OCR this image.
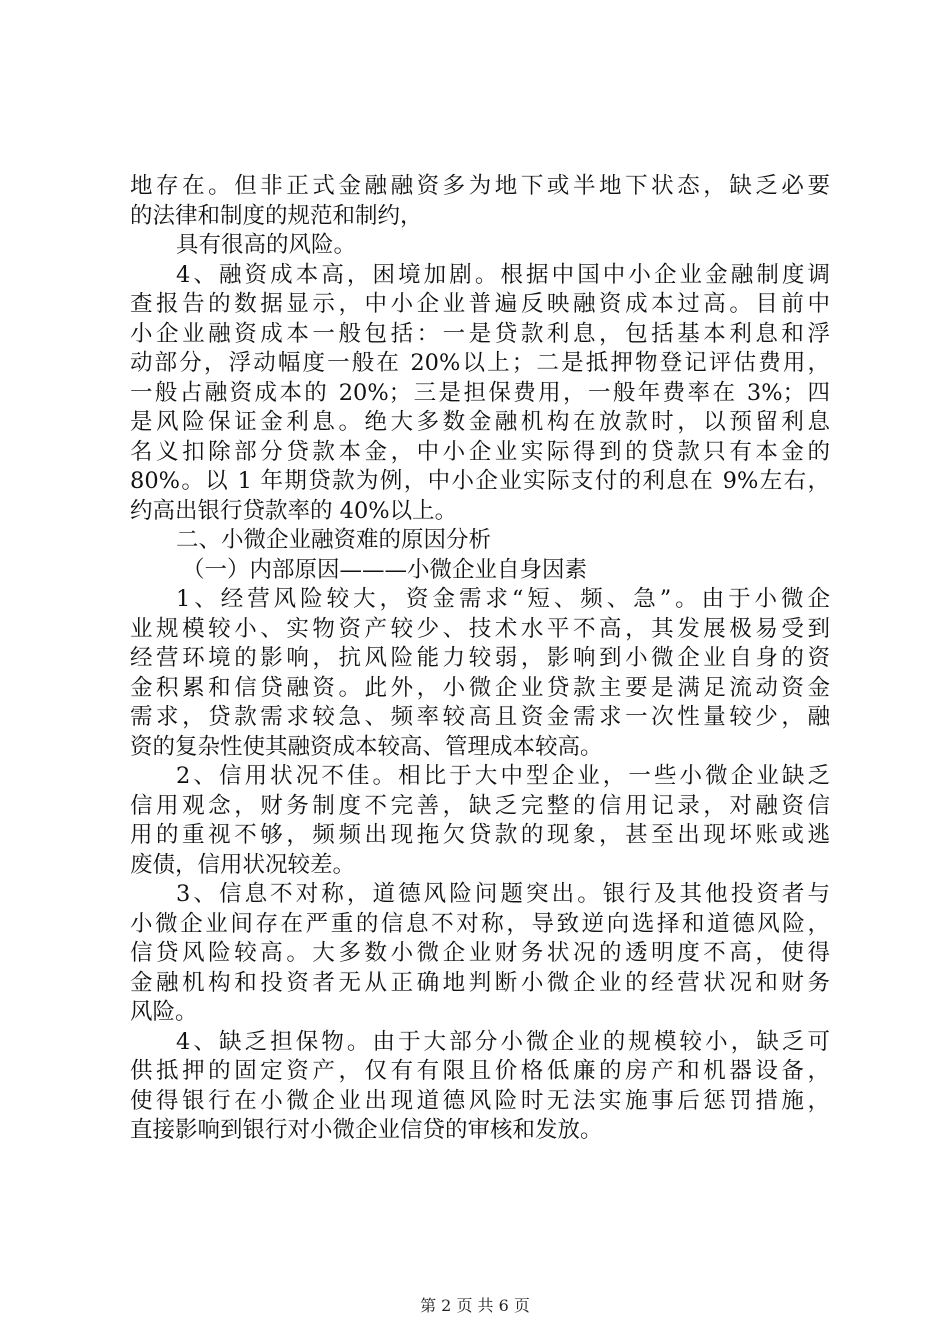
地存在。但非正式金融融资多为地下或半地下状态，缺乏必要
的法律和制度的规范和制约，
具有很高的风险。
4、融资成本高，困境加剧。根据中国中小企业金融制度调
查报告的数据显示，中小企业普遍反映融资成本过高。目前中
小企业融资成本一般包括：一是贷款利息，包括基本利息和浮
动部分，浮动幅度一般在 20%以上；二是抵押物登记评估费用，
一般占融资成本的 20%；三是担保费用，一般年费率在 3%；四
是风险保证金利息。绝大多数金融机构在放款时，以预留利息
名义扣除部分贷款本金，中小企业实际得到的贷款只有本金的
80%。以 1 年期贷款为例，中小企业实际支付的利息在 9%左右，
约高出银行贷款率的 40%以上。
二、小微企业融资难的原因分析
（一）内部原因———小微企业自身因素
1、经营风险较大，资金需求“短、频、急”。由于小微企
业规模较小、实物资产较少、技术水平不高，其发展极易受到
经营环境的影响，抗风险能力较弱，影响到小微企业自身的资
金积累和信贷融资。此外，小微企业贷款主要是满足流动资金
需求，贷款需求较急、频率较高且资金需求一次性量较少，融
资的复杂性使其融资成本较高、管理成本较高。
2、信用状况不佳。相比于大中型企业，一些小微企业缺乏
信用观念，财务制度不完善，缺乏完整的信用记录，对融资信
用的重视不够，频频出现拖欠贷款的现象，甚至出现坏账或逃
废债，信用状况较差。
3、信息不对称，道德风险问题突出。银行及其他投资者与
小微企业间存在严重的信息不对称，导致逆向选择和道德风险，
信贷风险较高。大多数小微企业财务状况的透明度不高，使得
金融机构和投资者无从正确地判断小微企业的经营状况和财务
风险。
4、缺乏担保物。由于大部分小微企业的规模较小，缺乏可
供抵押的固定资产，仅有有限且价格低廉的房产和机器设备，
使得银行在小微企业出现道德风险时无法实施事后惩罚措施，
直接影响到银行对小微企业信贷的审核和发放。
第 2 页 共 6 页
